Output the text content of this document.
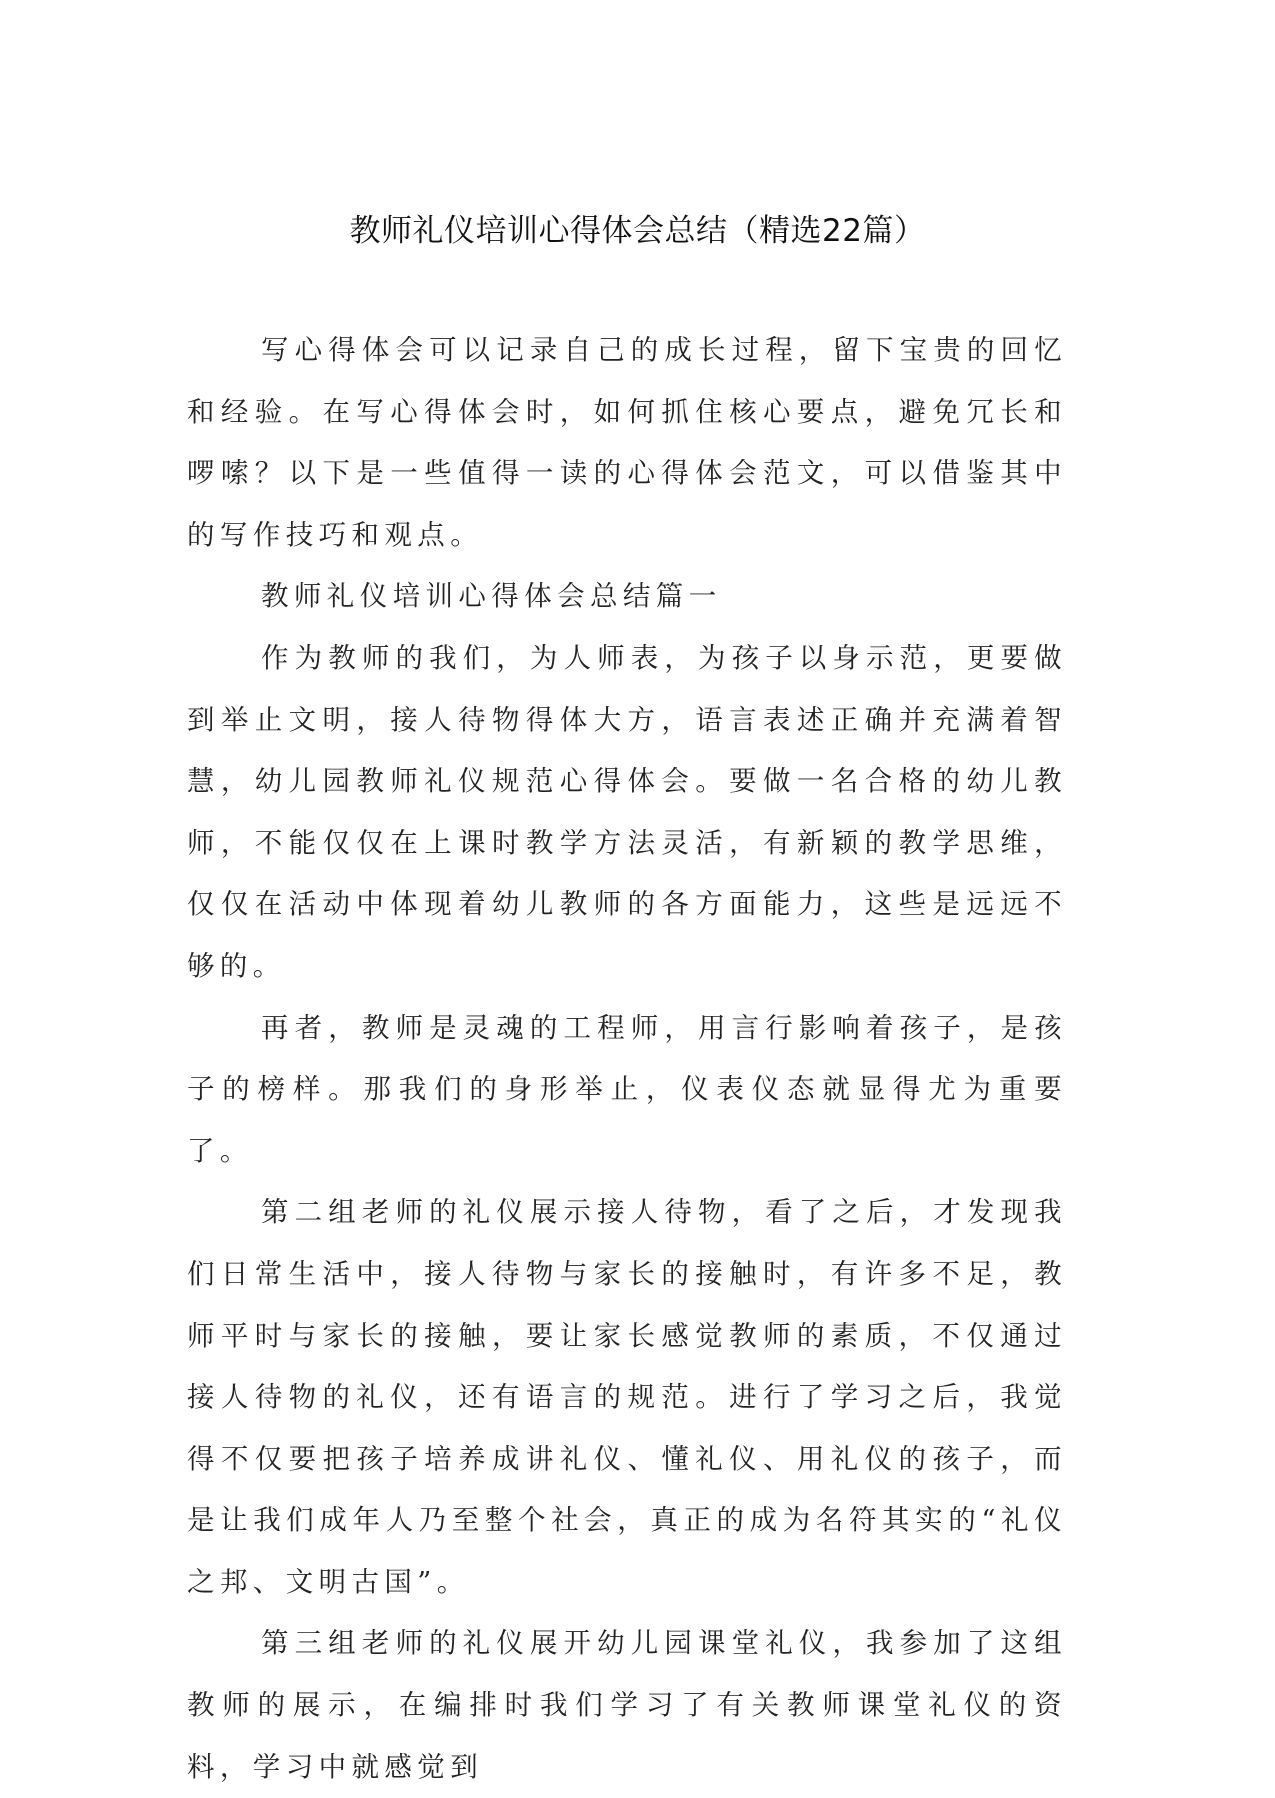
教师礼仪培训心得体会总结（精选22篇）

写心得体会可以记录自己的成长过程，留下宝贵的回忆和经验。在写心得体会时，如何抓住核心要点，避免冗长和啰嗦？以下是一些值得一读的心得体会范文，可以借鉴其中的写作技巧和观点。

教师礼仪培训心得体会总结篇一

作为教师的我们，为人师表，为孩子以身示范，更要做到举止文明，接人待物得体大方，语言表述正确并充满着智慧，幼儿园教师礼仪规范心得体会。要做一名合格的幼儿教师，不能仅仅在上课时教学方法灵活，有新颖的教学思维，仅仅在活动中体现着幼儿教师的各方面能力，这些是远远不够的。

再者，教师是灵魂的工程师，用言行影响着孩子，是孩子的榜样。那我们的身形举止，仪表仪态就显得尤为重要了。

第二组老师的礼仪展示接人待物，看了之后，才发现我们日常生活中，接人待物与家长的接触时，有许多不足，教师平时与家长的接触，要让家长感觉教师的素质，不仅通过接人待物的礼仪，还有语言的规范。进行了学习之后，我觉得不仅要把孩子培养成讲礼仪、懂礼仪、用礼仪的孩子，而是让我们成年人乃至整个社会，真正的成为名符其实的“礼仪之邦、文明古国”。

第三组老师的礼仪展开幼儿园课堂礼仪，我参加了这组教师的展示，在编排时我们学习了有关教师课堂礼仪的资料，学习中就感觉到
